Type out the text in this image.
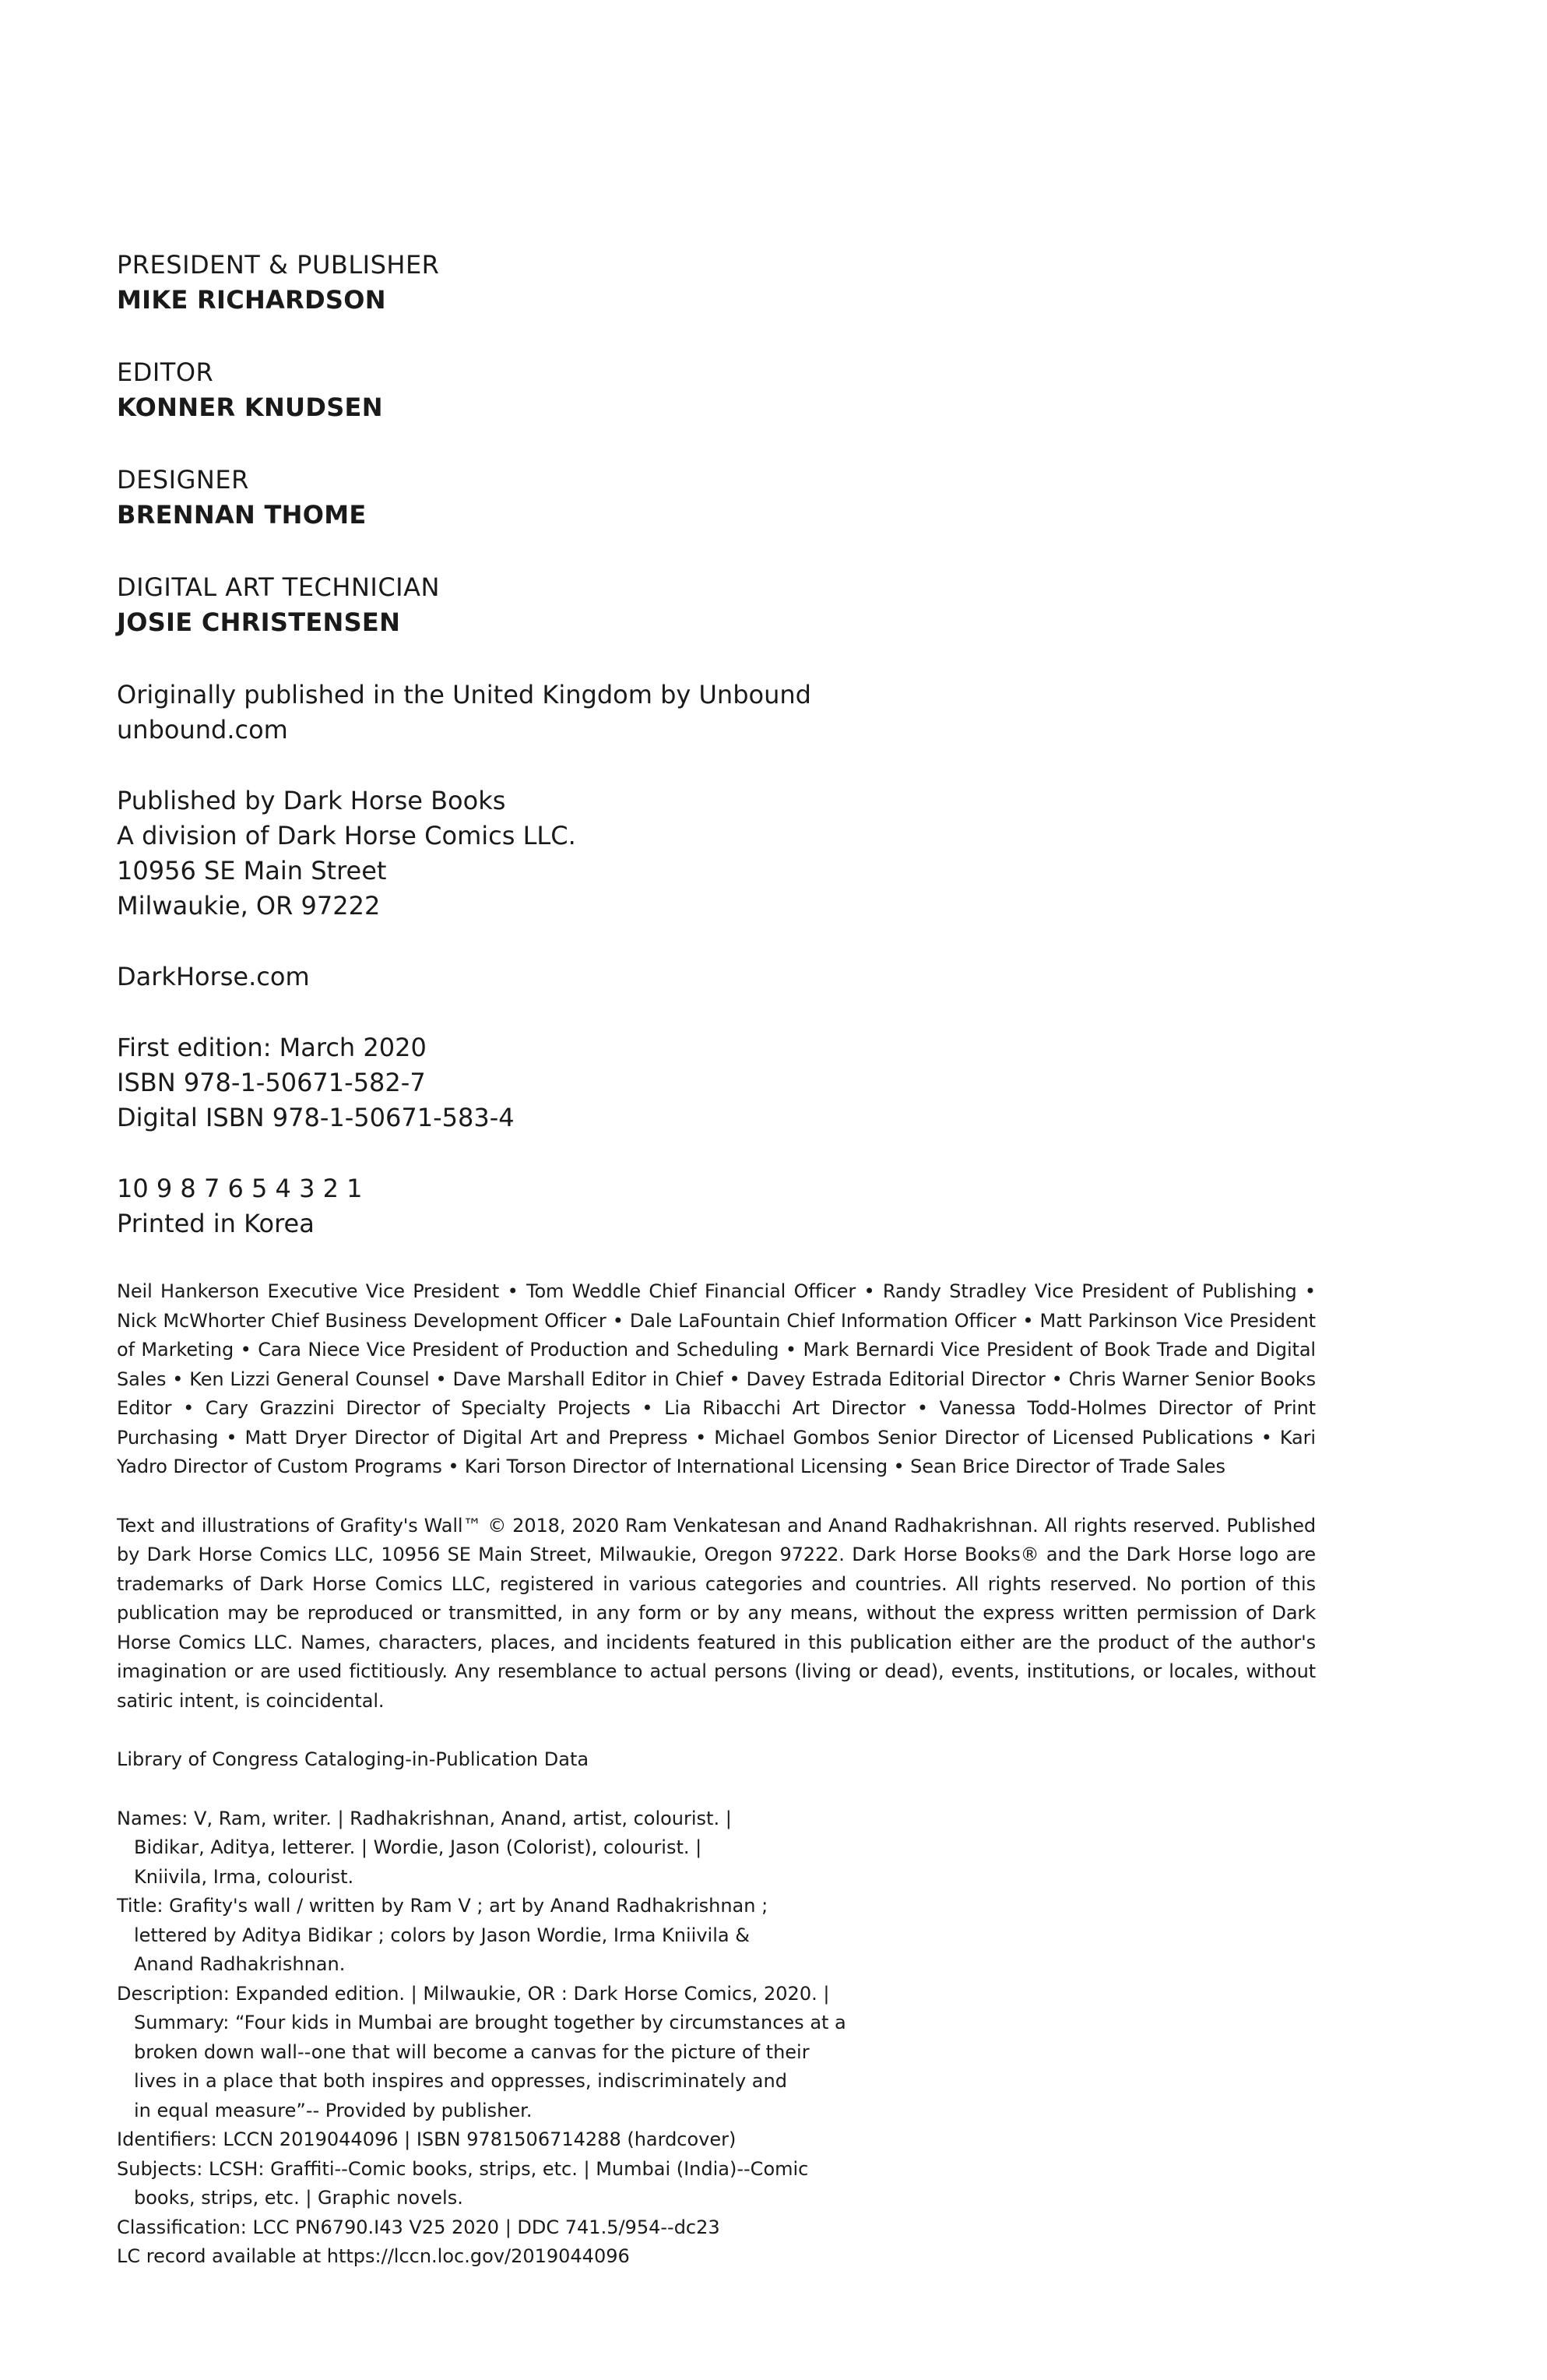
PRESIDENT & PUBLISHER
MIKE RICHARDSON
EDITOR
KONNER KNUDSEN
DESIGNER
BRENNAN THOME
DIGITAL ART TECHNICIAN
JOSIE CHRISTENSEN
Originally published in the United Kingdom by Unbound
unbound.com
Published by Dark Horse Books
A division of Dark Horse Comics LLC.
10956 SE Main Street
Milwaukie, OR 97222
DarkHorse.com
First edition: March 2020
ISBN 978-1-50671-582-7
Digital ISBN 978-1-50671-583-4
10 9 8 7 6 5 4 3 2 1
Printed in Korea
Neil Hankerson Executive Vice President • Tom Weddle Chief Financial Officer • Randy Stradley Vice President of Publishing • Nick McWhorter Chief Business Development Officer • Dale LaFountain Chief Information Officer • Matt Parkinson Vice President of Marketing • Cara Niece Vice President of Production and Scheduling • Mark Bernardi Vice President of Book Trade and Digital Sales • Ken Lizzi General Counsel • Dave Marshall Editor in Chief • Davey Estrada Editorial Director • Chris Warner Senior Books Editor • Cary Grazzini Director of Specialty Projects • Lia Ribacchi Art Director • Vanessa Todd-Holmes Director of Print Purchasing • Matt Dryer Director of Digital Art and Prepress • Michael Gombos Senior Director of Licensed Publications • Kari Yadro Director of Custom Programs • Kari Torson Director of International Licensing • Sean Brice Director of Trade Sales
Text and illustrations of Grafity's Wall™ © 2018, 2020 Ram Venkatesan and Anand Radhakrishnan. All rights reserved. Published by Dark Horse Comics LLC, 10956 SE Main Street, Milwaukie, Oregon 97222. Dark Horse Books® and the Dark Horse logo are trademarks of Dark Horse Comics LLC, registered in various categories and countries. All rights reserved. No portion of this publication may be reproduced or transmitted, in any form or by any means, without the express written permission of Dark Horse Comics LLC. Names, characters, places, and incidents featured in this publication either are the product of the author's imagination or are used fictitiously. Any resemblance to actual persons (living or dead), events, institutions, or locales, without satiric intent, is coincidental.
Library of Congress Cataloging-in-Publication Data
Names: V, Ram, writer. | Radhakrishnan, Anand, artist, colourist. |
Bidikar, Aditya, letterer. | Wordie, Jason (Colorist), colourist. |
Kniivila, Irma, colourist.
Title: Grafity's wall / written by Ram V ; art by Anand Radhakrishnan ;
lettered by Aditya Bidikar ; colors by Jason Wordie, Irma Kniivila &
Anand Radhakrishnan.
Description: Expanded edition. | Milwaukie, OR : Dark Horse Comics, 2020. |
Summary: “Four kids in Mumbai are brought together by circumstances at a
broken down wall--one that will become a canvas for the picture of their
lives in a place that both inspires and oppresses, indiscriminately and
in equal measure”-- Provided by publisher.
Identifiers: LCCN 2019044096 | ISBN 9781506714288 (hardcover)
Subjects: LCSH: Graffiti--Comic books, strips, etc. | Mumbai (India)--Comic
books, strips, etc. | Graphic novels.
Classification: LCC PN6790.I43 V25 2020 | DDC 741.5/954--dc23
LC record available at https://lccn.loc.gov/2019044096
